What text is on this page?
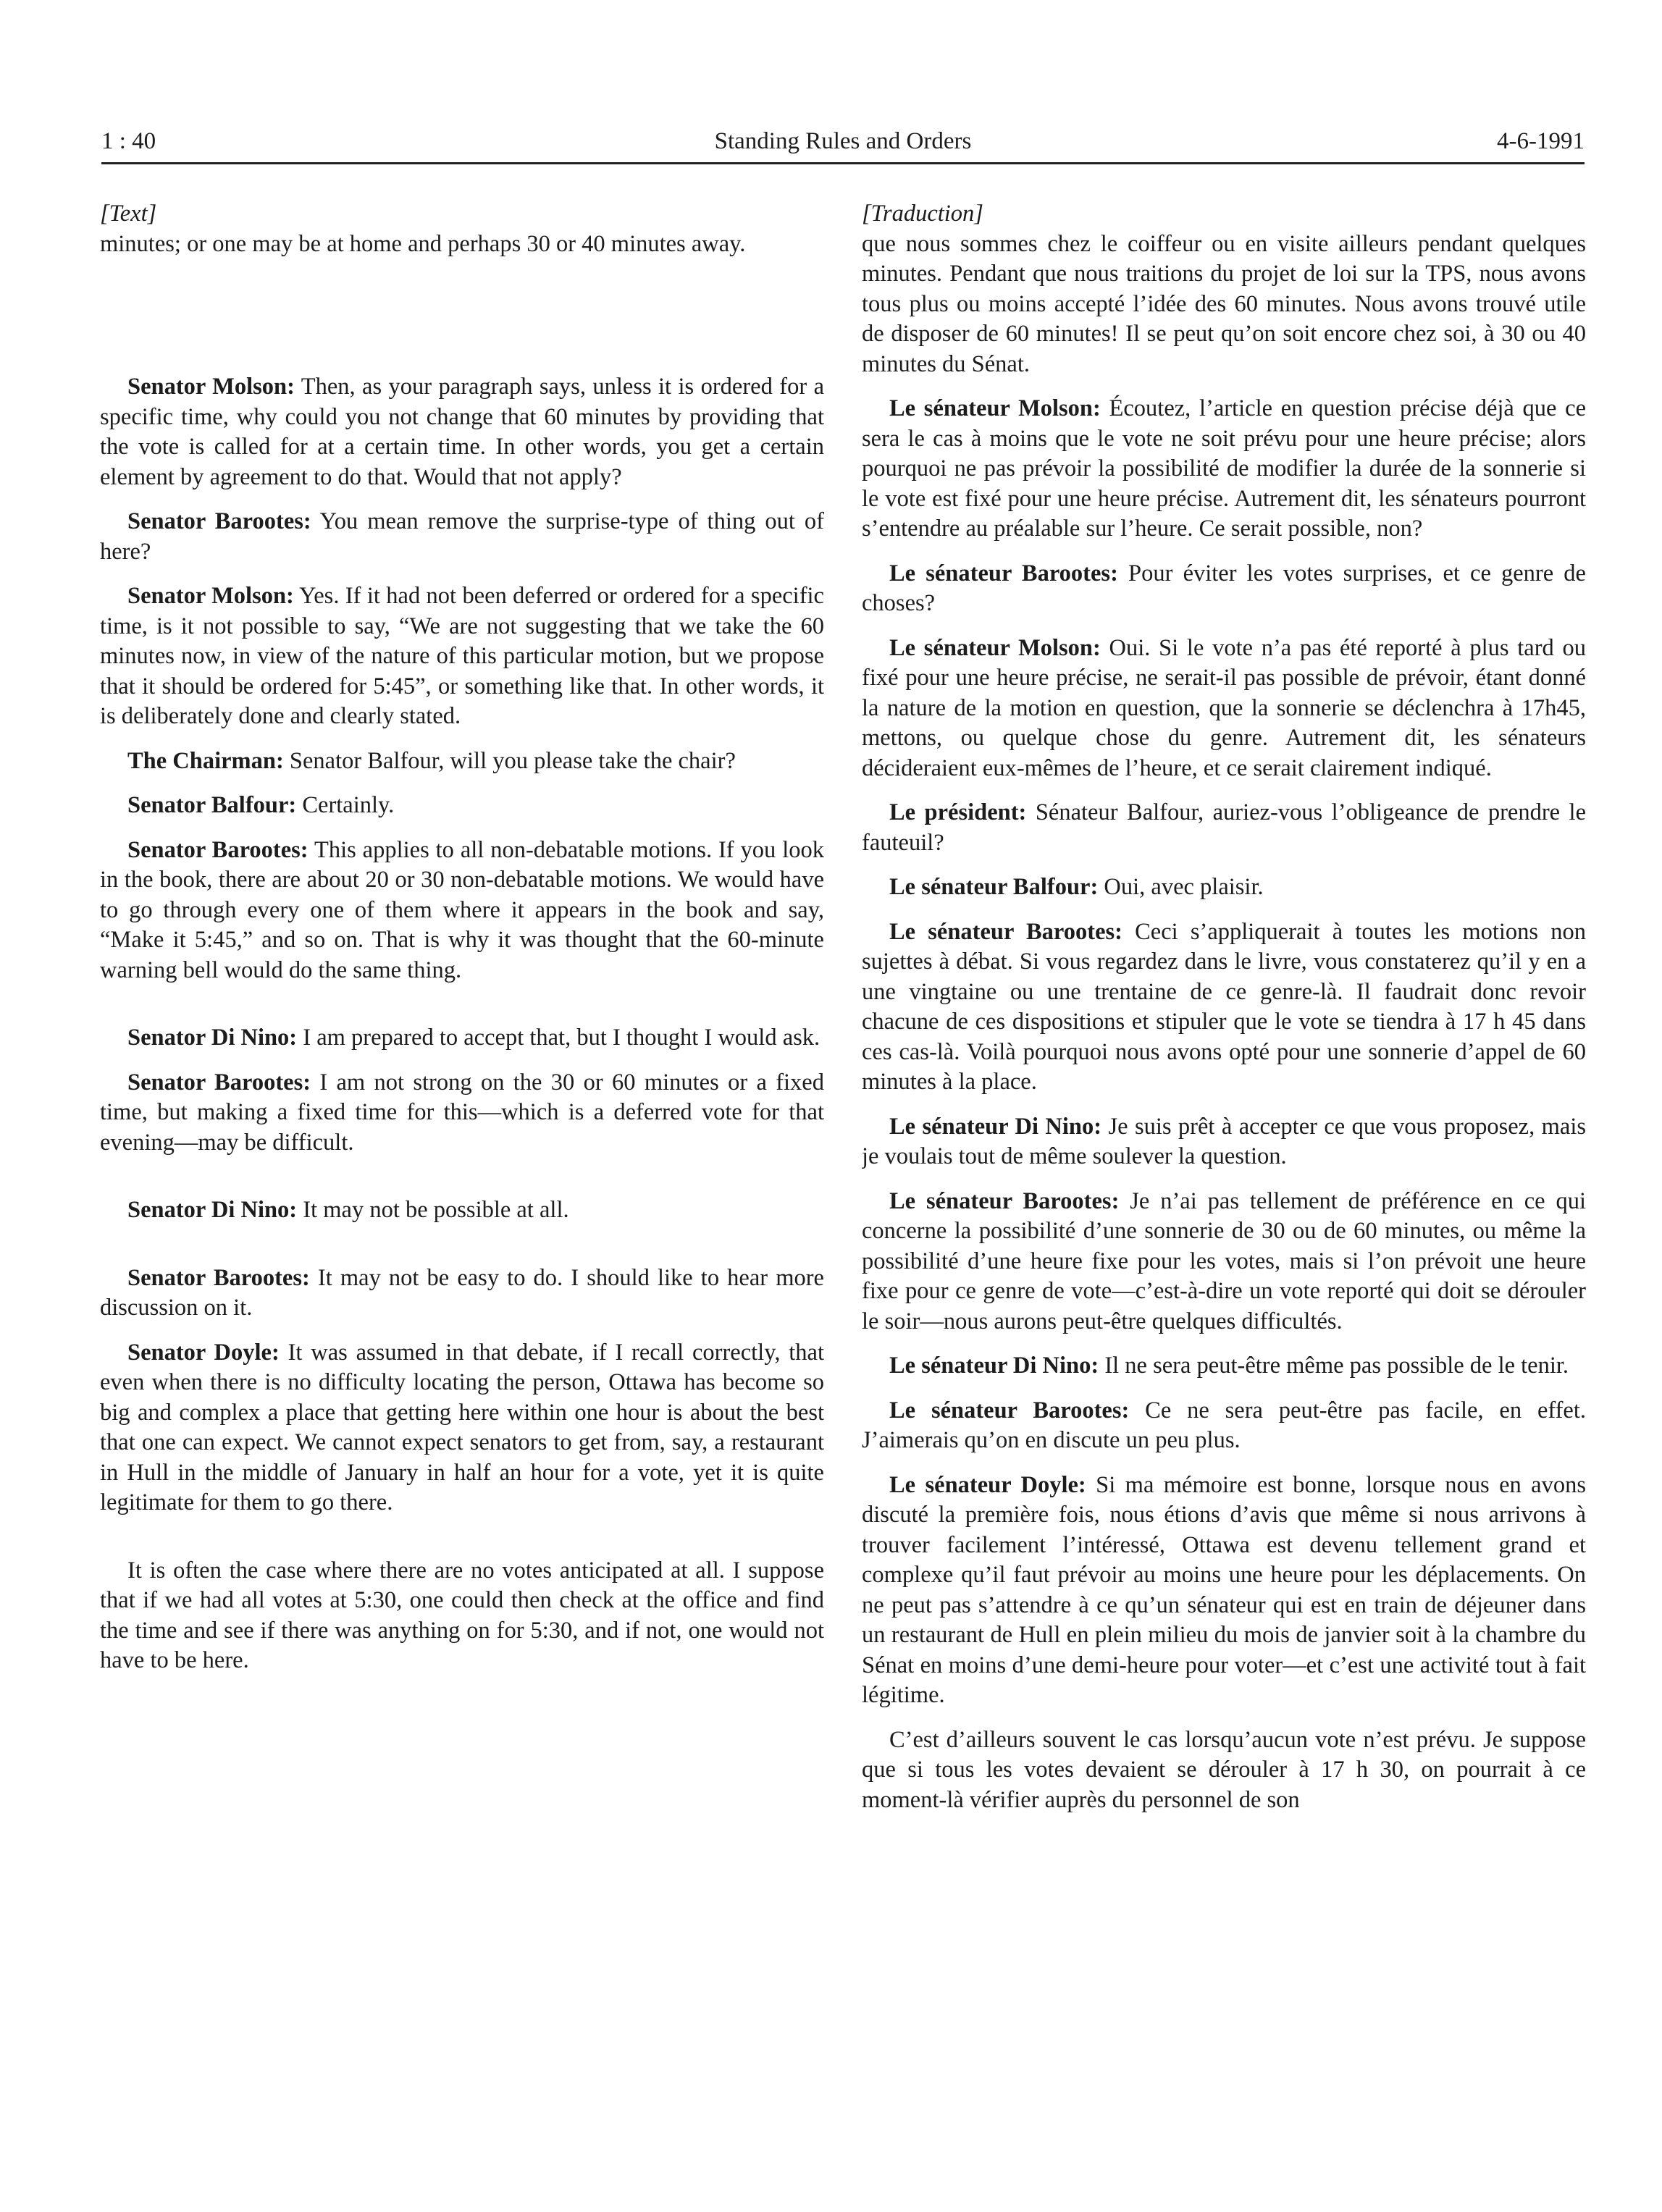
1 : 40	Standing Rules and Orders	4-6-1991

[Text]

minutes; or one may be at home and perhaps 30 or 40 minutes away.

Senator Molson: Then, as your paragraph says, unless it is ordered for a specific time, why could you not change that 60 minutes by providing that the vote is called for at a certain time. In other words, you get a certain element by agreement to do that. Would that not apply?

Senator Barootes: You mean remove the surprise-type of thing out of here?

Senator Molson: Yes. If it had not been deferred or ordered for a specific time, is it not possible to say, “We are not suggesting that we take the 60 minutes now, in view of the nature of this particular motion, but we propose that it should be ordered for 5:45”, or something like that. In other words, it is deliberately done and clearly stated.

The Chairman: Senator Balfour, will you please take the chair?

Senator Balfour: Certainly.

Senator Barootes: This applies to all non-debatable motions. If you look in the book, there are about 20 or 30 non-debatable motions. We would have to go through every one of them where it appears in the book and say, “Make it 5:45,” and so on. That is why it was thought that the 60-minute warning bell would do the same thing.

Senator Di Nino: I am prepared to accept that, but I thought I would ask.

Senator Barootes: I am not strong on the 30 or 60 minutes or a fixed time, but making a fixed time for this—which is a deferred vote for that evening—may be difficult.

Senator Di Nino: It may not be possible at all.

Senator Barootes: It may not be easy to do. I should like to hear more discussion on it.

Senator Doyle: It was assumed in that debate, if I recall correctly, that even when there is no difficulty locating the person, Ottawa has become so big and complex a place that getting here within one hour is about the best that one can expect. We cannot expect senators to get from, say, a restaurant in Hull in the middle of January in half an hour for a vote, yet it is quite legitimate for them to go there.

It is often the case where there are no votes anticipated at all. I suppose that if we had all votes at 5:30, one could then check at the office and find the time and see if there was anything on for 5:30, and if not, one would not have to be here.

[Traduction]

que nous sommes chez le coiffeur ou en visite ailleurs pendant quelques minutes. Pendant que nous traitions du projet de loi sur la TPS, nous avons tous plus ou moins accepté l’idée des 60 minutes. Nous avons trouvé utile de disposer de 60 minutes! Il se peut qu’on soit encore chez soi, à 30 ou 40 minutes du Sénat.

Le sénateur Molson: Écoutez, l’article en question précise déjà que ce sera le cas à moins que le vote ne soit prévu pour une heure précise; alors pourquoi ne pas prévoir la possibilité de modifier la durée de la sonnerie si le vote est fixé pour une heure précise. Autrement dit, les sénateurs pourront s’entendre au préalable sur l’heure. Ce serait possible, non?

Le sénateur Barootes: Pour éviter les votes surprises, et ce genre de choses?

Le sénateur Molson: Oui. Si le vote n’a pas été reporté à plus tard ou fixé pour une heure précise, ne serait-il pas possible de prévoir, étant donné la nature de la motion en question, que la sonnerie se déclenchra à 17h45, mettons, ou quelque chose du genre. Autrement dit, les sénateurs décideraient eux-mêmes de l’heure, et ce serait clairement indiqué.

Le président: Sénateur Balfour, auriez-vous l’obligeance de prendre le fauteuil?

Le sénateur Balfour: Oui, avec plaisir.

Le sénateur Barootes: Ceci s’appliquerait à toutes les motions non sujettes à débat. Si vous regardez dans le livre, vous constaterez qu’il y en a une vingtaine ou une trentaine de ce genre-là. Il faudrait donc revoir chacune de ces dispositions et stipuler que le vote se tiendra à 17 h 45 dans ces cas-là. Voilà pourquoi nous avons opté pour une sonnerie d’appel de 60 minutes à la place.

Le sénateur Di Nino: Je suis prêt à accepter ce que vous proposez, mais je voulais tout de même soulever la question.

Le sénateur Barootes: Je n’ai pas tellement de préférence en ce qui concerne la possibilité d’une sonnerie de 30 ou de 60 minutes, ou même la possibilité d’une heure fixe pour les votes, mais si l’on prévoit une heure fixe pour ce genre de vote—c’est-à-dire un vote reporté qui doit se dérouler le soir—nous aurons peut-être quelques difficultés.

Le sénateur Di Nino: Il ne sera peut-être même pas possible de le tenir.

Le sénateur Barootes: Ce ne sera peut-être pas facile, en effet. J’aimerais qu’on en discute un peu plus.

Le sénateur Doyle: Si ma mémoire est bonne, lorsque nous en avons discuté la première fois, nous étions d’avis que même si nous arrivons à trouver facilement l’intéressé, Ottawa est devenu tellement grand et complexe qu’il faut prévoir au moins une heure pour les déplacements. On ne peut pas s’attendre à ce qu’un sénateur qui est en train de déjeuner dans un restaurant de Hull en plein milieu du mois de janvier soit à la chambre du Sénat en moins d’une demi-heure pour voter—et c’est une activité tout à fait légitime.

C’est d’ailleurs souvent le cas lorsqu’aucun vote n’est prévu. Je suppose que si tous les votes devaient se dérouler à 17 h 30, on pourrait à ce moment-là vérifier auprès du personnel de son
